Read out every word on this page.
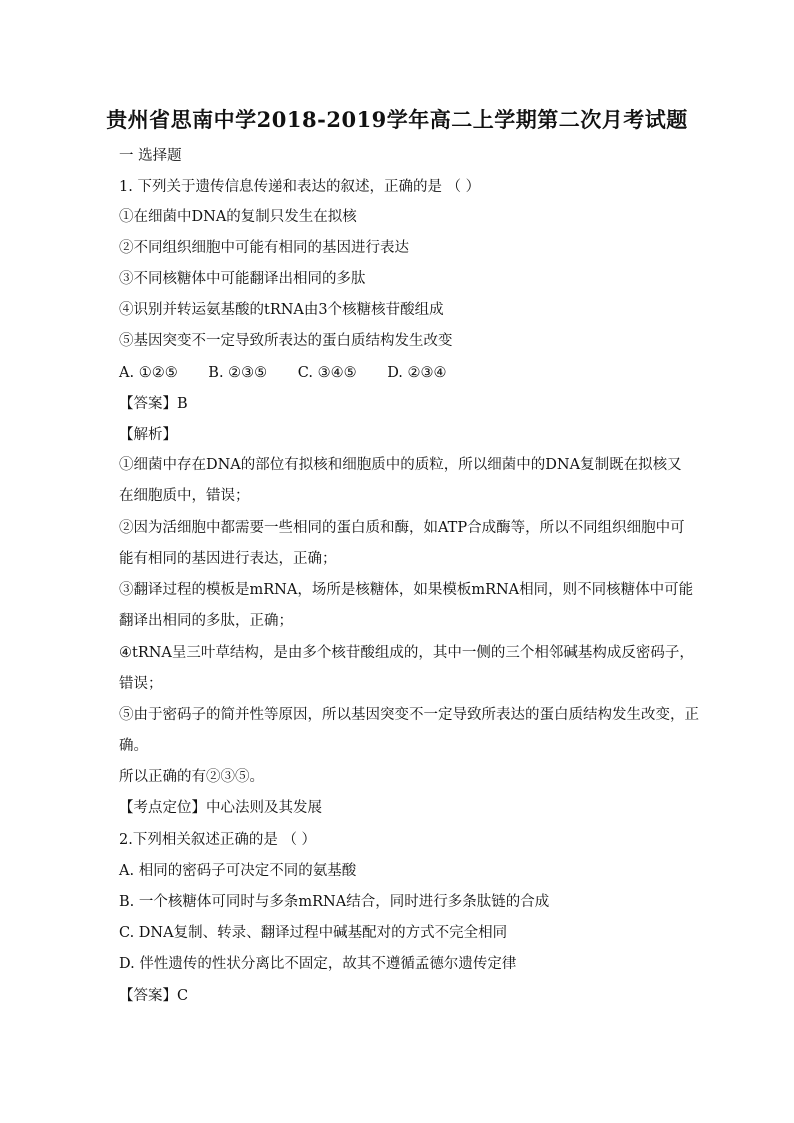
贵州省思南中学2018-2019学年高二上学期第二次月考试题
一 选择题
1. 下列关于遗传信息传递和表达的叙述，正确的是 （ ）
①在细菌中DNA的复制只发生在拟核
②不同组织细胞中可能有相同的基因进行表达
③不同核糖体中可能翻译出相同的多肽
④识别并转运氨基酸的tRNA由3个核糖核苷酸组成
⑤基因突变不一定导致所表达的蛋白质结构发生改变
A. ①②⑤ B. ②③⑤ C. ③④⑤ D. ②③④
【答案】B
【解析】
①细菌中存在DNA的部位有拟核和细胞质中的质粒，所以细菌中的DNA复制既在拟核又
在细胞质中，错误；
②因为活细胞中都需要一些相同的蛋白质和酶，如ATP合成酶等，所以不同组织细胞中可
能有相同的基因进行表达，正确；
③翻译过程的模板是mRNA，场所是核糖体，如果模板mRNA相同，则不同核糖体中可能
翻译出相同的多肽，正确；
④tRNA呈三叶草结构，是由多个核苷酸组成的，其中一侧的三个相邻碱基构成反密码子，
错误；
⑤由于密码子的简并性等原因，所以基因突变不一定导致所表达的蛋白质结构发生改变，正
确。
所以正确的有②③⑤。
【考点定位】中心法则及其发展
2.下列相关叙述正确的是 （ ）
A. 相同的密码子可决定不同的氨基酸
B. 一个核糖体可同时与多条mRNA结合，同时进行多条肽链的合成
C. DNA复制、转录、翻译过程中碱基配对的方式不完全相同
D. 伴性遗传的性状分离比不固定，故其不遵循孟德尔遗传定律
【答案】C
